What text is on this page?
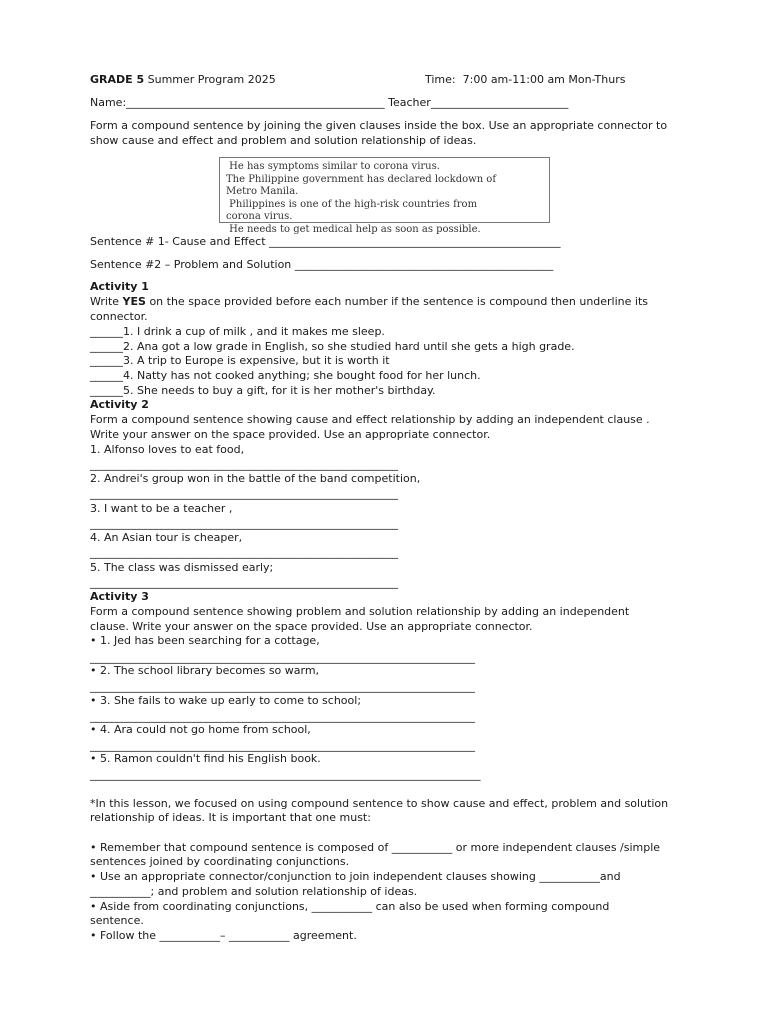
GRADE 5 Summer Program 2025	Time:  7:00 am-11:00 am Mon-Thurs
Name:_______________________________________________ Teacher_________________________
Form a compound sentence by joining the given clauses inside the box. Use an appropriate connector to
show cause and effect and problem and solution relationship of ideas.
He has symptoms similar to corona virus.
The Philippine government has declared lockdown of
Metro Manila.
Philippines is one of the high-risk countries from
corona virus.
He needs to get medical help as soon as possible.
Sentence # 1- Cause and Effect _____________________________________________________
Sentence #2 – Problem and Solution _______________________________________________
Activity 1
Write YES on the space provided before each number if the sentence is compound then underline its
connector.
______1. I drink a cup of milk , and it makes me sleep.
______2. Ana got a low grade in English, so she studied hard until she gets a high grade.
______3. A trip to Europe is expensive, but it is worth it
______4. Natty has not cooked anything; she bought food for her lunch.
______5. She needs to buy a gift, for it is her mother's birthday.
Activity 2
Form a compound sentence showing cause and effect relationship by adding an independent clause .
Write your answer on the space provided. Use an appropriate connector.
1. Alfonso loves to eat food,
________________________________________________________
2. Andrei's group won in the battle of the band competition,
________________________________________________________
3. I want to be a teacher ,
________________________________________________________
4. An Asian tour is cheaper,
________________________________________________________
5. The class was dismissed early;
________________________________________________________
Activity 3
Form a compound sentence showing problem and solution relationship by adding an independent
clause. Write your answer on the space provided. Use an appropriate connector.
• 1. Jed has been searching for a cottage,
______________________________________________________________________
• 2. The school library becomes so warm,
______________________________________________________________________
• 3. She fails to wake up early to come to school;
______________________________________________________________________
• 4. Ara could not go home from school,
______________________________________________________________________
• 5. Ramon couldn't find his English book.
_______________________________________________________________________
*In this lesson, we focused on using compound sentence to show cause and effect, problem and solution
relationship of ideas. It is important that one must:
• Remember that compound sentence is composed of ___________ or more independent clauses /simple
sentences joined by coordinating conjunctions.
• Use an appropriate connector/conjunction to join independent clauses showing ___________and
___________; and problem and solution relationship of ideas.
• Aside from coordinating conjunctions, ___________ can also be used when forming compound
sentence.
• Follow the ___________– ___________ agreement.
